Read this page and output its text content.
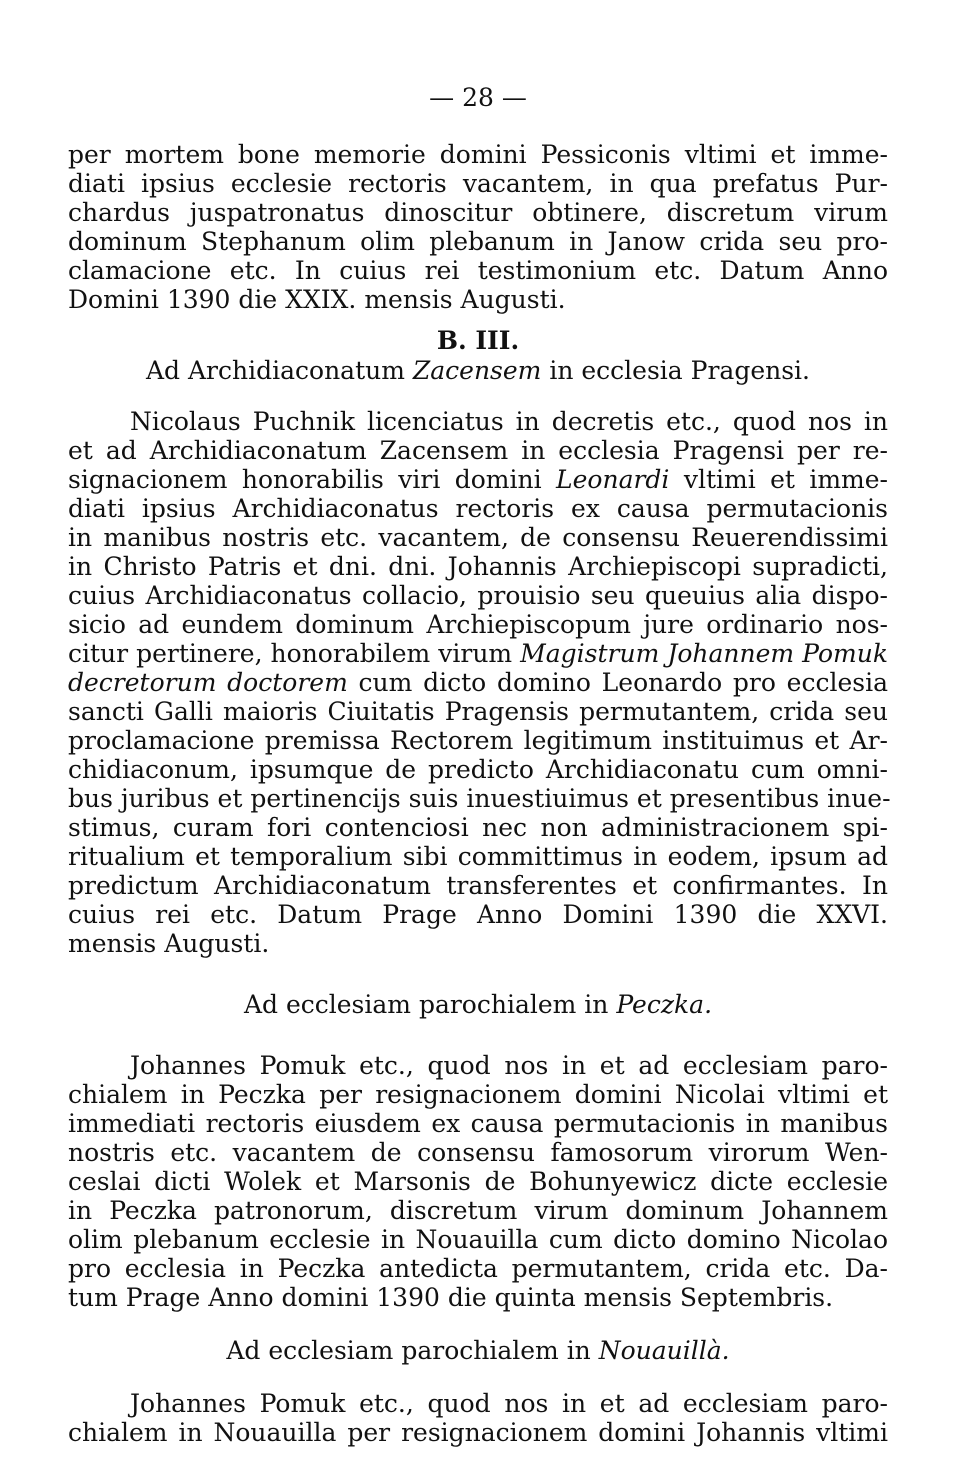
— 28 —
per mortem bone memorie domini Pessiconis vltimi et imme-
diati ipsius ecclesie rectoris vacantem, in qua prefatus Pur-
chardus juspatronatus dinoscitur obtinere, discretum virum
dominum Stephanum olim plebanum in Janow crida seu pro-
clamacione etc. In cuius rei testimonium etc. Datum Anno
Domini 1390 die XXIX. mensis Augusti.
B. III.
Ad Archidiaconatum Zacensem in ecclesia Pragensi.
Nicolaus Puchnik licenciatus in decretis etc., quod nos in
et ad Archidiaconatum Zacensem in ecclesia Pragensi per re-
signacionem honorabilis viri domini Leonardi vltimi et imme-
diati ipsius Archidiaconatus rectoris ex causa permutacionis
in manibus nostris etc. vacantem, de consensu Reuerendissimi
in Christo Patris et dni. dni. Johannis Archiepiscopi supradicti,
cuius Archidiaconatus collacio, prouisio seu queuius alia dispo-
sicio ad eundem dominum Archiepiscopum jure ordinario nos-
citur pertinere, honorabilem virum Magistrum Johannem Pomuk
decretorum doctorem cum dicto domino Leonardo pro ecclesia
sancti Galli maioris Ciuitatis Pragensis permutantem, crida seu
proclamacione premissa Rectorem legitimum instituimus et Ar-
chidiaconum, ipsumque de predicto Archidiaconatu cum omni-
bus juribus et pertinencijs suis inuestiuimus et presentibus inue-
stimus, curam fori contenciosi nec non administracionem spi-
ritualium et temporalium sibi committimus in eodem, ipsum ad
predictum Archidiaconatum transferentes et confirmantes. In
cuius rei etc. Datum Prage Anno Domini 1390 die XXVI.
mensis Augusti.
Ad ecclesiam parochialem in Peczka.
Johannes Pomuk etc., quod nos in et ad ecclesiam paro-
chialem in Peczka per resignacionem domini Nicolai vltimi et
immediati rectoris eiusdem ex causa permutacionis in manibus
nostris etc. vacantem de consensu famosorum virorum Wen-
ceslai dicti Wolek et Marsonis de Bohunyewicz dicte ecclesie
in Peczka patronorum, discretum virum dominum Johannem
olim plebanum ecclesie in Nouauilla cum dicto domino Nicolao
pro ecclesia in Peczka antedicta permutantem, crida etc. Da-
tum Prage Anno domini 1390 die quinta mensis Septembris.
Ad ecclesiam parochialem in Nouauillà.
Johannes Pomuk etc., quod nos in et ad ecclesiam paro-
chialem in Nouauilla per resignacionem domini Johannis vltimi
